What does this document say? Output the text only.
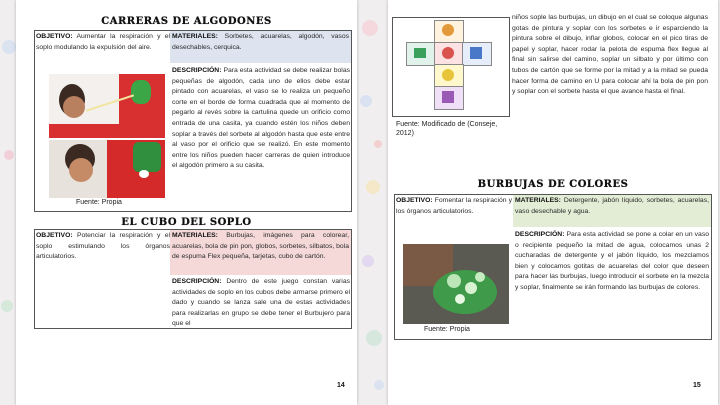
CARRERAS DE ALGODONES
OBJETIVO: Aumentar la respiración y el soplo modulando la expulsión del aire.
MATERIALES: Sorbetes, acuarelas, algodón, vasos desechables, cerquica.
DESCRIPCIÓN: Para esta actividad se debe realizar bolas pequeñas de algodón, cada uno de ellos debe estar pintado con acuarelas, el vaso se lo realiza un pequeño corte en el borde de forma cuadrada que al momento de pegarlo al revés sobre la cartulina quede un orificio como entrada de una casita, ya cuando estén los niños deben soplar a través del sorbete al algodón hasta que este entre al vaso por el orificio que se realizó. En este momento entre los niños pueden hacer carreras de quien introduce el algodón primero a su casita.
Fuente: Propia
EL CUBO DEL SOPLO
OBJETIVO: Potenciar la respiración y el soplo estimulando los órganos articulatorios.
MATERIALES: Burbujas, imágenes para colorear, acuarelas, bola de pin pon, globos, sorbetes, silbatos, bola de espuma Flex pequeña, tarjetas, cubo de cartón.
DESCRIPCIÓN: Dentro de este juego constan varias actividades de soplo en los cubos debe armarse primero el dado y cuando se lanza sale una de estas actividades para realizarlas en grupo se debe tener el Burbujero para que el
14
Fuente: Modificado de (Conseje, 2012)
niños sople las burbujas, un dibujo en el cual se coloque algunas gotas de pintura y soplar con los sorbetes e ir esparciendo la pintura sobre el dibujo, inflar globos, colocar en el pico tiras de papel y soplar, hacer rodar la pelota de espuma flex llegue al final sin salirse del camino, soplar un silbato y por último con tubos de cartón que se forme por la mitad y a la mitad se pueda hacer forma de camino en U para colocar ahí la bola de pin pon y soplar con el sorbete hasta el que avance hasta el final.
BURBUJAS DE COLORES
OBJETIVO: Fomentar la respiración y los órganos articulatorios.
MATERIALES: Detergente, jabón líquido, sorbetes, acuarelas, vaso desechable y agua.
DESCRIPCIÓN: Para esta actividad se pone a colar en un vaso o recipiente pequeño la mitad de agua, colocamos unas 2 cucharadas de detergente y el jabón líquido, los mezclamos bien y colocamos gotitas de acuarelas del color que deseen para hacer las burbujas, luego introducir el sorbete en la mezcla y soplar, finalmente se irán formando las burbujas de colores.
Fuente: Propia
15
